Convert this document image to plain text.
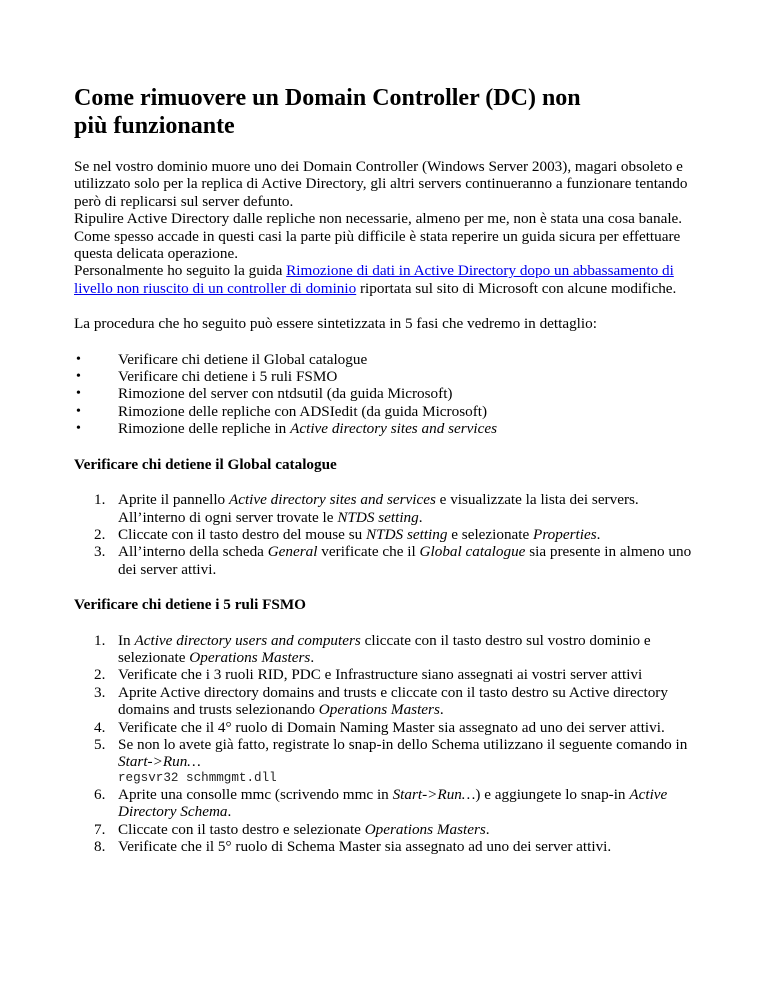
Come rimuovere un Domain Controller (DC) non più funzionante

Se nel vostro dominio muore uno dei Domain Controller (Windows Server 2003), magari obsoleto e utilizzato solo per la replica di Active Directory, gli altri servers continueranno a funzionare tentando però di replicarsi sul server defunto.
Ripulire Active Directory dalle repliche non necessarie, almeno per me, non è stata una cosa banale. Come spesso accade in questi casi la parte più difficile è stata reperire un guida sicura per effettuare questa delicata operazione.
Personalmente ho seguito la guida Rimozione di dati in Active Directory dopo un abbassamento di livello non riuscito di un controller di dominio riportata sul sito di Microsoft con alcune modifiche.

La procedura che ho seguito può essere sintetizzata in 5 fasi che vedremo in dettaglio:

• Verificare chi detiene il Global catalogue
• Verificare chi detiene i 5 ruli FSMO
• Rimozione del server con ntdsutil (da guida Microsoft)
• Rimozione delle repliche con ADSIedit (da guida Microsoft)
• Rimozione delle repliche in Active directory sites and services
Verificare chi detiene il Global catalogue
1. Aprite il pannello Active directory sites and services e visualizzate la lista dei servers. All’interno di ogni server trovate le NTDS setting.
2. Cliccate con il tasto destro del mouse su NTDS setting e selezionate Properties.
3. All’interno della scheda General verificate che il Global catalogue sia presente in almeno uno dei server attivi.
Verificare chi detiene i 5 ruli FSMO
1. In Active directory users and computers cliccate con il tasto destro sul vostro dominio e selezionate Operations Masters.
2. Verificate che i 3 ruoli RID, PDC e Infrastructure siano assegnati ai vostri server attivi
3. Aprite Active directory domains and trusts e cliccate con il tasto destro su Active directory domains and trusts selezionando Operations Masters.
4. Verificate che il 4° ruolo di Domain Naming Master sia assegnato ad uno dei server attivi.
5. Se non lo avete già fatto, registrate lo snap-in dello Schema utilizzano il seguente comando in Start->Run…
regsvr32 schmmgmt.dll
6. Aprite una consolle mmc (scrivendo mmc in Start->Run…) e aggiungete lo snap-in Active Directory Schema.
7. Cliccate con il tasto destro e selezionate Operations Masters.
8. Verificate che il 5° ruolo di Schema Master sia assegnato ad uno dei server attivi.
